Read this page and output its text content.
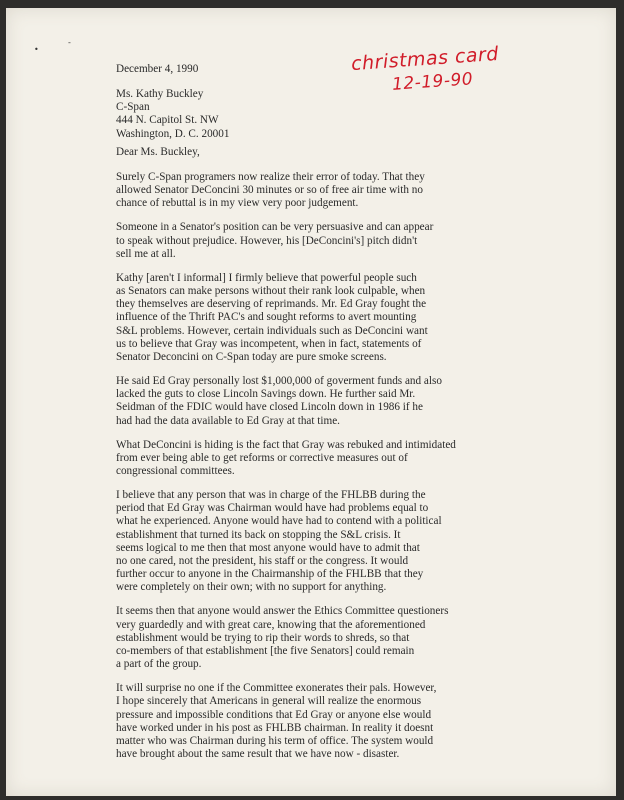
December 4, 1990
Ms. Kathy Buckley
C-Span
444 N. Capitol St. NW
Washington, D. C. 20001
Dear Ms. Buckley,
Surely C-Span programers now realize their error of today. That they
allowed Senator DeConcini 30 minutes or so of free air time with no
chance of rebuttal is in my view very poor judgement.
Someone in a Senator's position can be very persuasive and can appear
to speak without prejudice. However, his [DeConcini's] pitch didn't
sell me at all.
Kathy [aren't I informal] I firmly believe that powerful people such
as Senators can make persons without their rank look culpable, when
they themselves are deserving of reprimands. Mr. Ed Gray fought the
influence of the Thrift PAC's and sought reforms to avert mounting
S&L problems. However, certain individuals such as DeConcini want
us to believe that Gray was incompetent, when in fact, statements of
Senator Deconcini on C-Span today are pure smoke screens.
He said Ed Gray personally lost $1,000,000 of goverment funds and also
lacked the guts to close Lincoln Savings down. He further said Mr.
Seidman of the FDIC would have closed Lincoln down in 1986 if he
had had the data available to Ed Gray at that time.
What DeConcini is hiding is the fact that Gray was rebuked and intimidated
from ever being able to get reforms or corrective measures out of
congressional committees.
I believe that any person that was in charge of the FHLBB during the
period that Ed Gray was Chairman would have had problems equal to
what he experienced. Anyone would have had to contend with a political
establishment that turned its back on stopping the S&L crisis. It
seems logical to me then that most anyone would have to admit that
no one cared, not the president, his staff or the congress. It would
further occur to anyone in the Chairmanship of the FHLBB that they
were completely on their own; with no support for anything.
It seems then that anyone would answer the Ethics Committee questioners
very guardedly and with great care, knowing that the aforementioned
establishment would be trying to rip their words to shreds, so that
co-members of that establishment [the five Senators] could remain
a part of the group.
It will surprise no one if the Committee exonerates their pals. However,
I hope sincerely that Americans in general will realize the enormous
pressure and impossible conditions that Ed Gray or anyone else would
have worked under in his post as FHLBB chairman. In reality it doesnt
matter who was Chairman during his term of office. The system would
have brought about the same result that we have now - disaster.
christmas card
12-19-90
•
-
